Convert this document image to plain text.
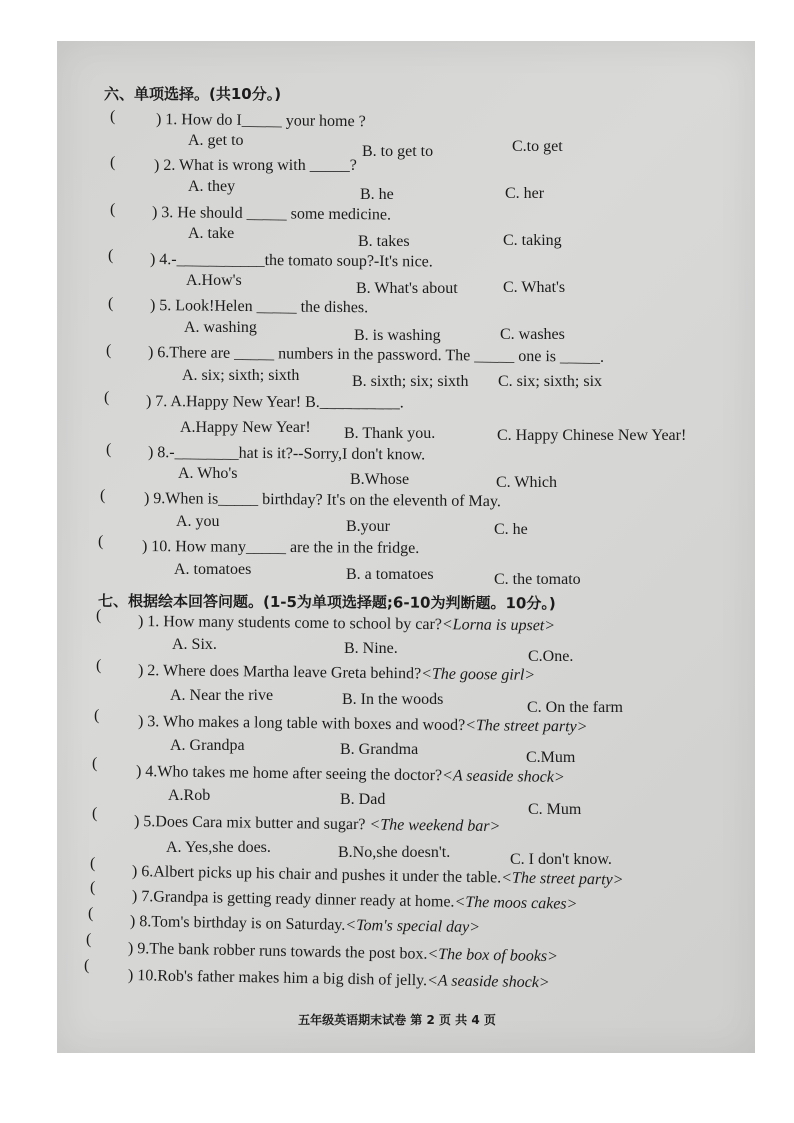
六、单项选择。(共10分。)
(	) 1. How do I_____ your home ?
A. get to
B. to get to	C.to get
( ) 2. What is wrong with _____?
A. they	B. he	C. her
( ) 3. He should _____ some medicine.
A. take	B. takes	C. taking
( ) 4.-___________the tomato soup?-It's nice.
A.How's	B. What's about	C. What's
( ) 5. Look!Helen _____ the dishes.
A. washing	B. is washing	C. washes
( ) 6.There are _____ numbers in the password. The _____ one is _____.
A. six; sixth; sixth	B. sixth; six; sixth C. six; sixth; six
( ) 7. A.Happy New Year! B.__________.
A.Happy New Year! B. Thank you.	C. Happy Chinese New Year!
( ) 8.-________hat is it?--Sorry,I don't know.
A. Who's	B.Whose	C. Which
( ) 9.When is_____ birthday? It's on the eleventh of May.
A. you	B.your	C. he
( ) 10. How many_____ are the in the fridge.
A. tomatoes	B. a tomatoes	C. the tomato
七、根据绘本回答问题。(1-5为单项选择题;6-10为判断题。10分。)
( ) 1. How many students come to school by car?<Lorna is upset>
A. Six.	B. Nine.	C.One.
( ) 2. Where does Martha leave Greta behind?<The goose girl>
A. Near the rive	B. In the woods	C. On the farm
( ) 3. Who makes a long table with boxes and wood?<The street party>
A. Grandpa	B. Grandma	C.Mum
( ) 4.Who takes me home after seeing the doctor?<A seaside shock>
A.Rob	B. Dad
C. Mum
( ) 5.Does Cara mix butter and sugar? <The weekend bar>
A. Yes,she does.	B.No,she doesn't.	C. I don't know.
( ) 6.Albert picks up his chair and pushes it under the table.<The street party>
(
) 7.Grandpa is getting ready dinner ready at home.<The moos cakes>
( ) 8.Tom's birthday is on Saturday.<Tom's special day>
(
) 9.The bank robber runs towards the post box.<The box of books>
(
) 10.Rob's father makes him a big dish of jelly.<A seaside shock>
五年级英语期末试卷 第 2 页 共 4 页
